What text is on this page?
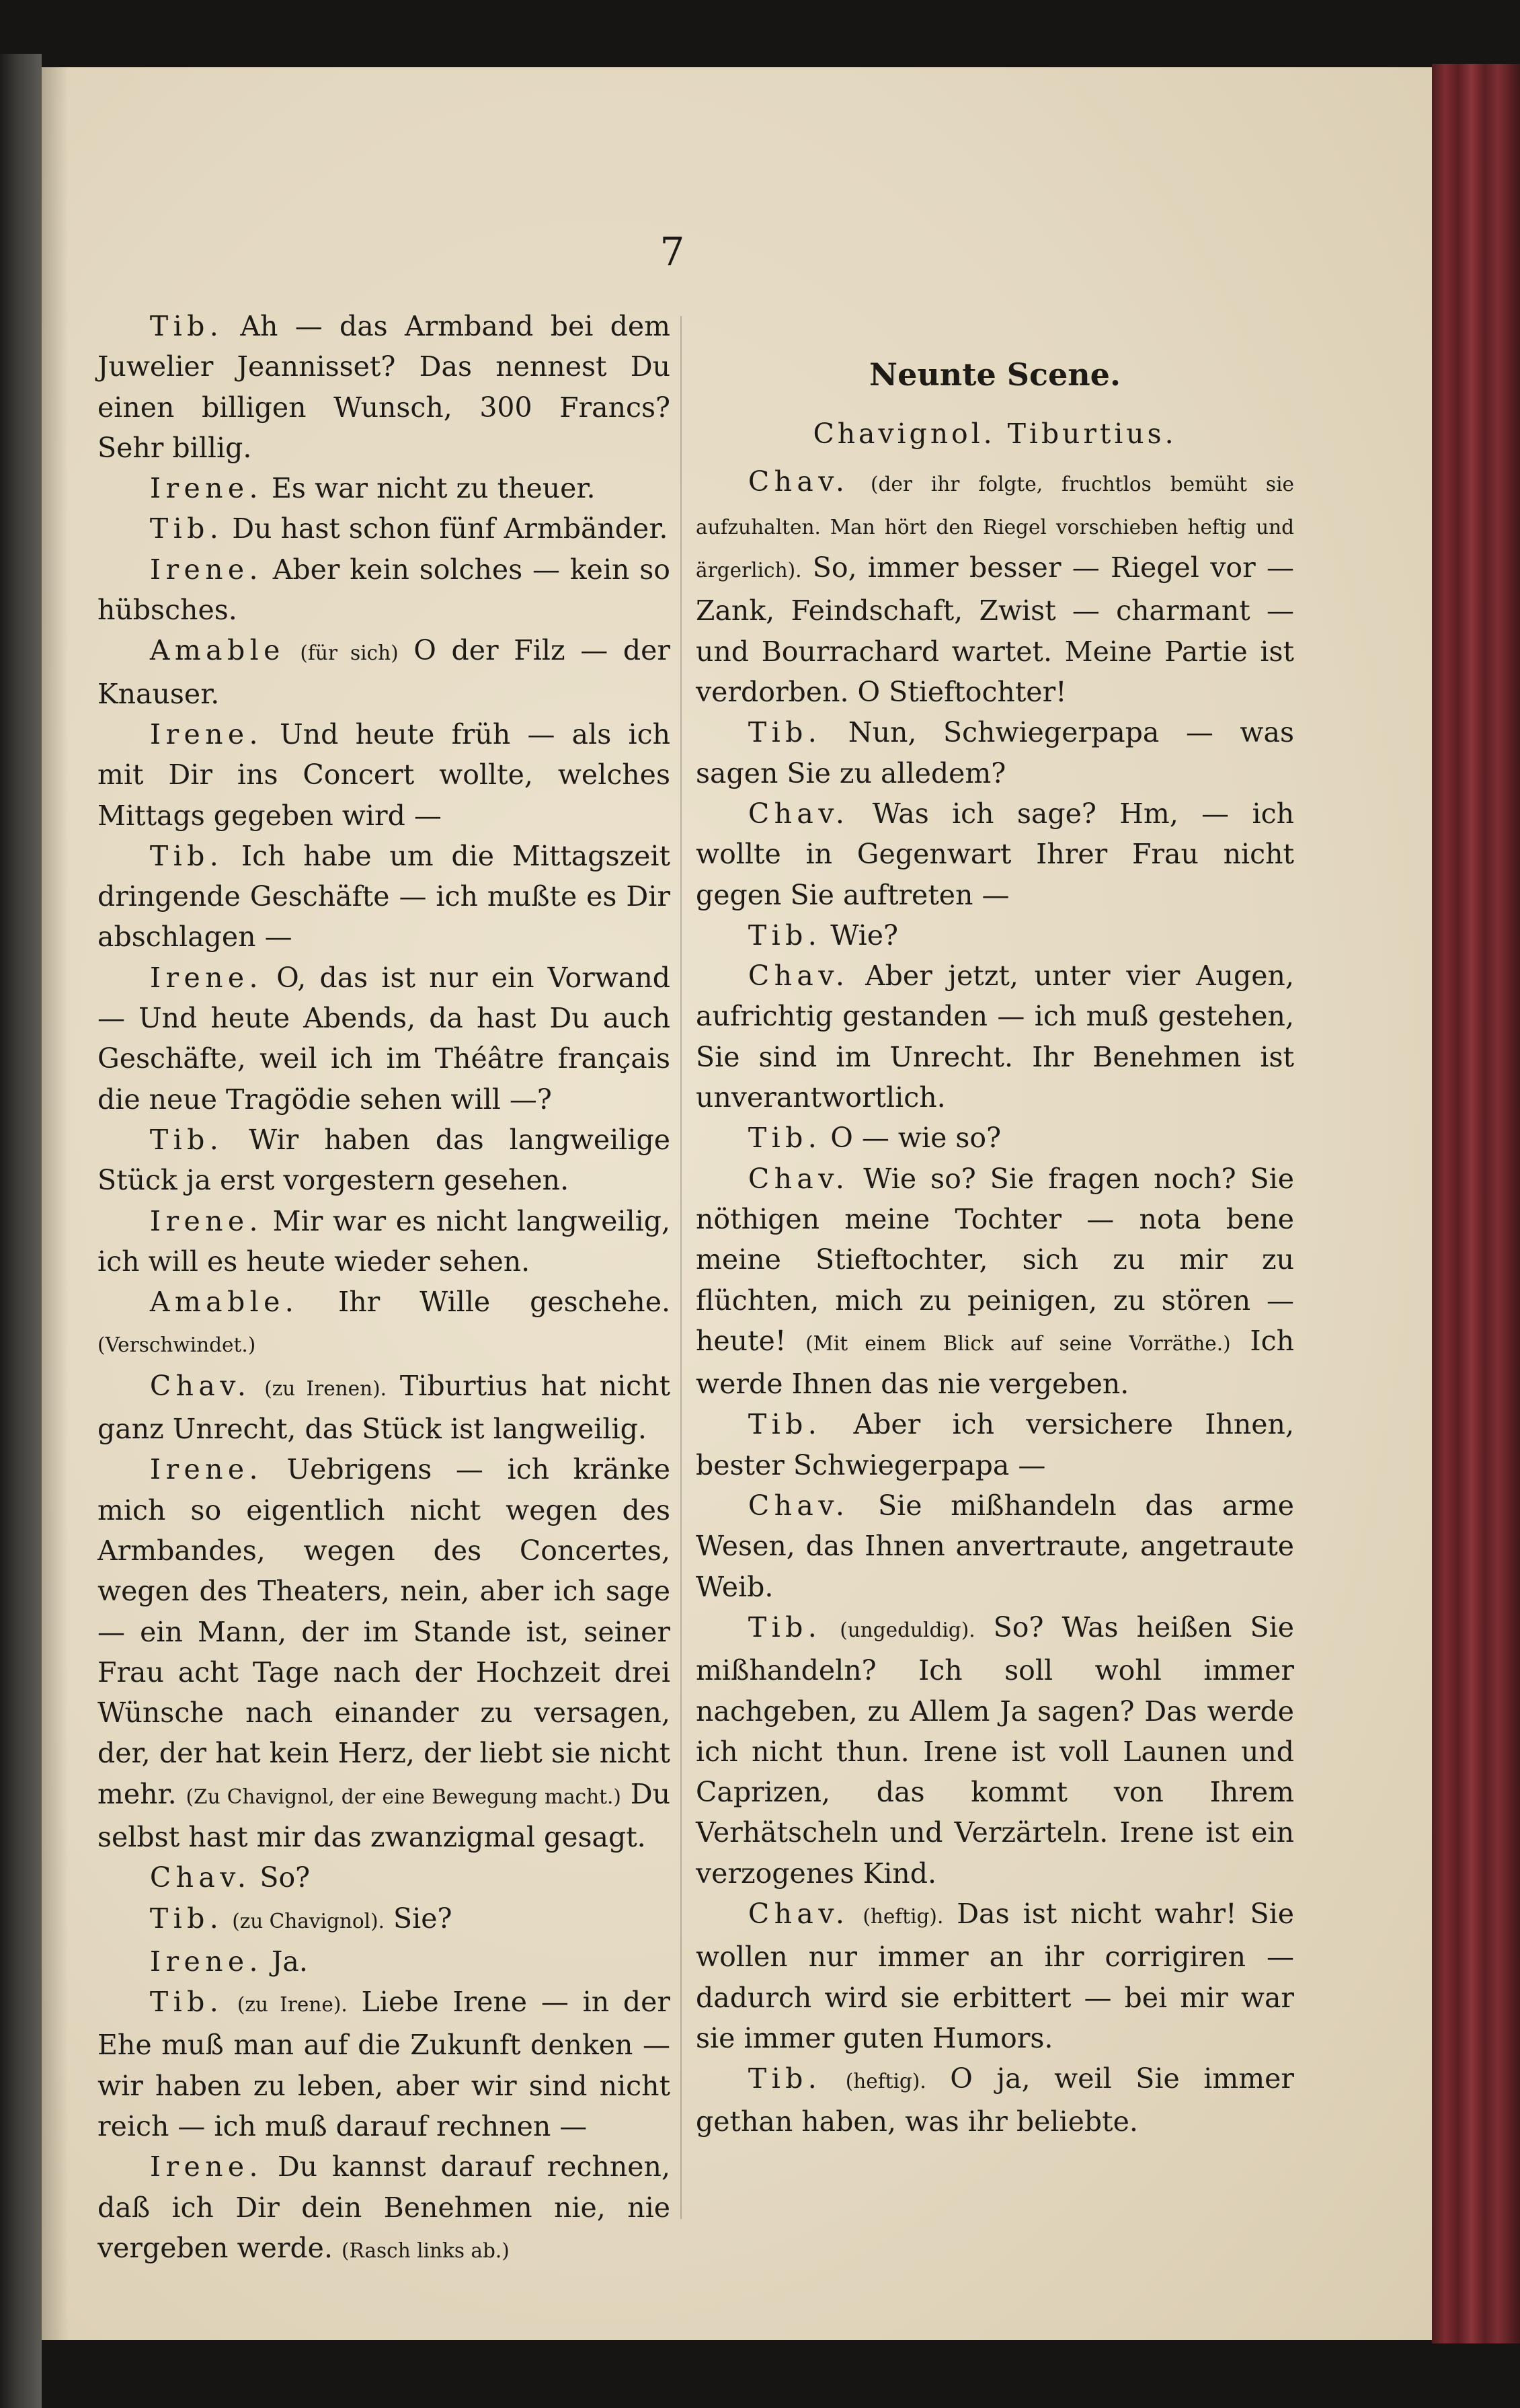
7

Tib. Ah — das Armband bei dem Juwelier Jeannisset? Das nennest Du einen billigen Wunsch, 300 Francs? Sehr billig.

Irene. Es war nicht zu theuer.

Tib. Du hast schon fünf Armbänder.

Irene. Aber kein solches — kein so hübsches.

Amable (für sich) O der Filz — der Knauser.

Irene. Und heute früh — als ich mit Dir ins Concert wollte, welches Mittags gegeben wird —

Tib. Ich habe um die Mittagszeit dringende Geschäfte — ich mußte es Dir abschlagen —

Irene. O, das ist nur ein Vorwand — Und heute Abends, da hast Du auch Geschäfte, weil ich im Théâtre français die neue Tragödie sehen will —?

Tib. Wir haben das langweilige Stück ja erst vorgestern gesehen.

Irene. Mir war es nicht langweilig, ich will es heute wieder sehen.

Amable. Ihr Wille geschehe. (Verschwindet.)

Chav. (zu Irenen). Tiburtius hat nicht ganz Unrecht, das Stück ist langweilig.

Irene. Uebrigens — ich kränke mich so eigentlich nicht wegen des Armbandes, wegen des Concertes, wegen des Theaters, nein, aber ich sage — ein Mann, der im Stande ist, seiner Frau acht Tage nach der Hochzeit drei Wünsche nach einander zu versagen, der, der hat kein Herz, der liebt sie nicht mehr. (Zu Chavignol, der eine Bewegung macht.) Du selbst hast mir das zwanzigmal gesagt.

Chav. So?

Tib. (zu Chavignol). Sie?

Irene. Ja.

Tib. (zu Irene). Liebe Irene — in der Ehe muß man auf die Zukunft denken — wir haben zu leben, aber wir sind nicht reich — ich muß darauf rechnen —

Irene. Du kannst darauf rechnen, daß ich Dir dein Benehmen nie, nie vergeben werde. (Rasch links ab.)

Neunte Scene.

Chavignol. Tiburtius.

Chav. (der ihr folgte, fruchtlos bemüht sie aufzuhalten. Man hört den Riegel vorschieben heftig und ärgerlich). So, immer besser — Riegel vor — Zank, Feindschaft, Zwist — charmant — und Bourrachard wartet. Meine Partie ist verdorben. O Stieftochter!

Tib. Nun, Schwiegerpapa — was sagen Sie zu alledem?

Chav. Was ich sage? Hm, — ich wollte in Gegenwart Ihrer Frau nicht gegen Sie auftreten —

Tib. Wie?

Chav. Aber jetzt, unter vier Augen, aufrichtig gestanden — ich muß gestehen, Sie sind im Unrecht. Ihr Benehmen ist unverantwortlich.

Tib. O — wie so?

Chav. Wie so? Sie fragen noch? Sie nöthigen meine Tochter — nota bene meine Stieftochter, sich zu mir zu flüchten, mich zu peinigen, zu stören — heute! (Mit einem Blick auf seine Vorräthe.) Ich werde Ihnen das nie vergeben.

Tib. Aber ich versichere Ihnen, bester Schwiegerpapa —

Chav. Sie mißhandeln das arme Wesen, das Ihnen anvertraute, angetraute Weib.

Tib. (ungeduldig). So? Was heißen Sie mißhandeln? Ich soll wohl immer nachgeben, zu Allem Ja sagen? Das werde ich nicht thun. Irene ist voll Launen und Caprizen, das kommt von Ihrem Verhätscheln und Verzärteln. Irene ist ein verzogenes Kind.

Chav. (heftig). Das ist nicht wahr! Sie wollen nur immer an ihr corrigiren — dadurch wird sie erbittert — bei mir war sie immer guten Humors.

Tib. (heftig). O ja, weil Sie immer gethan haben, was ihr beliebte.
